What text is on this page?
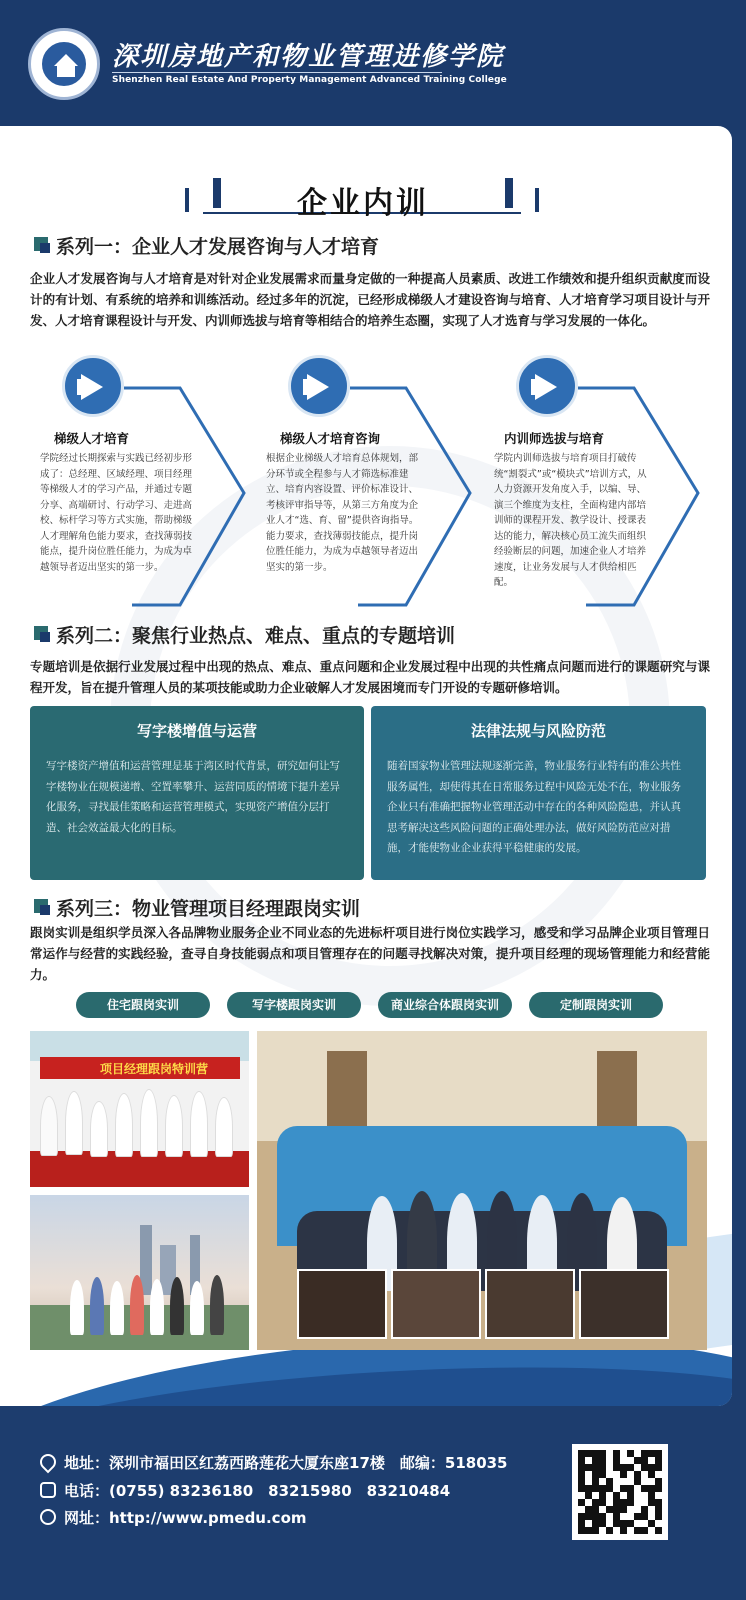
深圳房地产和物业管理进修学院
Shenzhen Real Estate And Property Management Advanced Training College
企业内训
系列一：企业人才发展咨询与人才培育
企业人才发展咨询与人才培育是对针对企业发展需求而量身定做的一种提高人员素质、改进工作绩效和提升组织贡献度而设计的有计划、有系统的培养和训练活动。经过多年的沉淀，已经形成梯级人才建设咨询与培育、人才培育学习项目设计与开发、人才培育课程设计与开发、内训师选拔与培育等相结合的培养生态圈，实现了人才选育与学习发展的一体化。
梯级人才培育
学院经过长期探索与实践已经初步形成了：总经理、区域经理、项目经理等梯级人才的学习产品，并通过专题分享、高端研讨、行动学习、走进高校、标杆学习等方式实施，帮助梯级人才理解角色能力要求，查找薄弱技能点，提升岗位胜任能力，为成为卓越领导者迈出坚实的第一步。
梯级人才培育咨询
根据企业梯级人才培育总体规划，部分环节或全程参与人才筛选标准建立、培育内容设置、评价标准设计、考核评审指导等，从第三方角度为企业人才“选、育、留”提供咨询指导。能力要求，查找薄弱技能点，提升岗位胜任能力，为成为卓越领导者迈出坚实的第一步。
内训师选拔与培育
学院内训师选拔与培育项目打破传统“割裂式”或“模块式”培训方式，从人力资源开发角度入手，以编、导、演三个维度为支柱，全面构建内部培训师的课程开发、教学设计、授课表达的能力，解决核心员工流失而组织经验断层的问题，加速企业人才培养速度，让业务发展与人才供给相匹配。
系列二：聚焦行业热点、难点、重点的专题培训
专题培训是依据行业发展过程中出现的热点、难点、重点问题和企业发展过程中出现的共性痛点问题而进行的课题研究与课程开发，旨在提升管理人员的某项技能或助力企业破解人才发展困境而专门开设的专题研修培训。
写字楼增值与运营
写字楼资产增值和运营管理是基于湾区时代背景，研究如何让写字楼物业在规模递增、空置率攀升、运营同质的情境下提升差异化服务，寻找最佳策略和运营管理模式，实现资产增值分层打造、社会效益最大化的目标。
法律法规与风险防范
随着国家物业管理法规逐渐完善，物业服务行业特有的准公共性服务属性，却使得其在日常服务过程中风险无处不在，物业服务企业只有准确把握物业管理活动中存在的各种风险隐患，并认真思考解决这些风险问题的正确处理办法，做好风险防范应对措施，才能使物业企业获得平稳健康的发展。
系列三：物业管理项目经理跟岗实训
跟岗实训是组织学员深入各品牌物业服务企业不同业态的先进标杆项目进行岗位实践学习，感受和学习品牌企业项目管理日常运作与经营的实践经验，查寻自身技能弱点和项目管理存在的问题寻找解决对策，提升项目经理的现场管理能力和经营能力。
住宅跟岗实训	写字楼跟岗实训	商业综合体跟岗实训	定制跟岗实训
项目经理跟岗特训营
地址：深圳市福田区红荔西路莲花大厦东座17楼　邮编：518035
电话：(0755) 83236180　83215980　83210484
网址：http://www.pmedu.com
